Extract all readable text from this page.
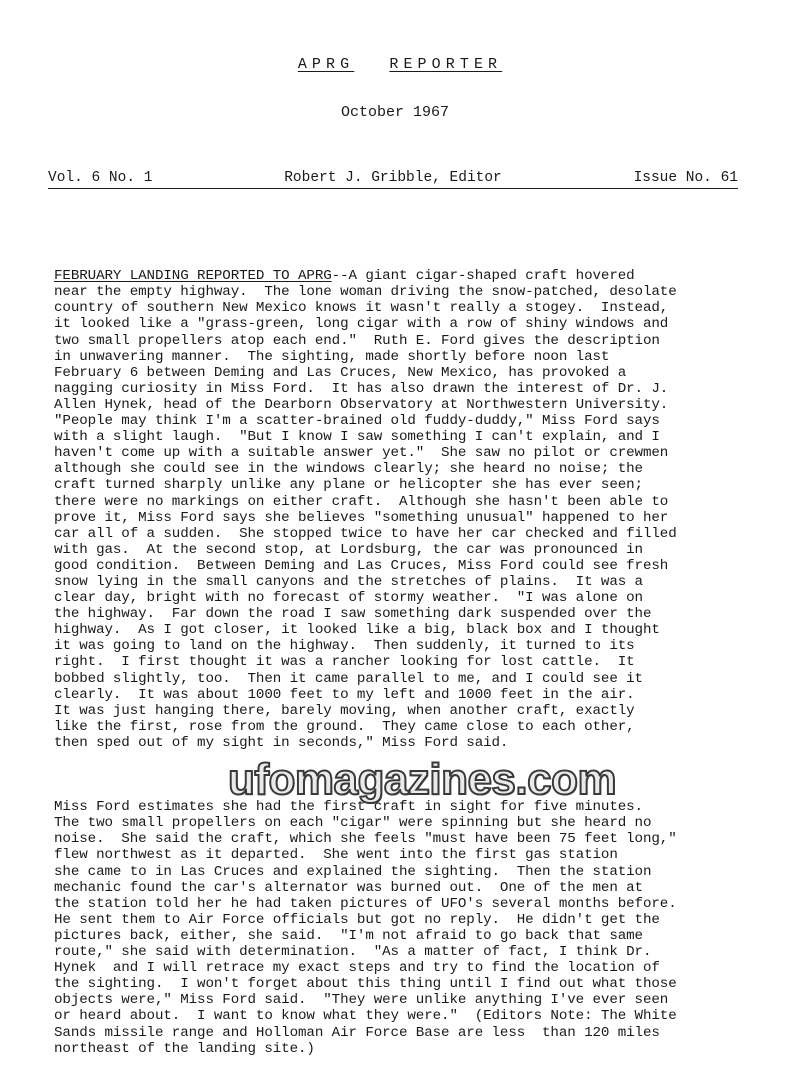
APRG REPORTER
October 1967
Vol. 6 No. 1	Robert J. Gribble, Editor	Issue No. 61

FEBRUARY LANDING REPORTED TO APRG--A giant cigar-shaped craft hovered
near the empty highway.  The lone woman driving the snow-patched, desolate
country of southern New Mexico knows it wasn't really a stogey.  Instead,
it looked like a "grass-green, long cigar with a row of shiny windows and
two small propellers atop each end."  Ruth E. Ford gives the description
in unwavering manner.  The sighting, made shortly before noon last
February 6 between Deming and Las Cruces, New Mexico, has provoked a
nagging curiosity in Miss Ford.  It has also drawn the interest of Dr. J.
Allen Hynek, head of the Dearborn Observatory at Northwestern University.
"People may think I'm a scatter-brained old fuddy-duddy," Miss Ford says
with a slight laugh.  "But I know I saw something I can't explain, and I
haven't come up with a suitable answer yet."  She saw no pilot or crewmen
although she could see in the windows clearly; she heard no noise; the
craft turned sharply unlike any plane or helicopter she has ever seen;
there were no markings on either craft.  Although she hasn't been able to
prove it, Miss Ford says she believes "something unusual" happened to her
car all of a sudden.  She stopped twice to have her car checked and filled
with gas.  At the second stop, at Lordsburg, the car was pronounced in
good condition.  Between Deming and Las Cruces, Miss Ford could see fresh
snow lying in the small canyons and the stretches of plains.  It was a
clear day, bright with no forecast of stormy weather.  "I was alone on
the highway.  Far down the road I saw something dark suspended over the
highway.  As I got closer, it looked like a big, black box and I thought
it was going to land on the highway.  Then suddenly, it turned to its
right.  I first thought it was a rancher looking for lost cattle.  It
bobbed slightly, too.  Then it came parallel to me, and I could see it
clearly.  It was about 1000 feet to my left and 1000 feet in the air.
It was just hanging there, barely moving, when another craft, exactly
like the first, rose from the ground.  They came close to each other,
then sped out of my sight in seconds," Miss Ford said.

Miss Ford estimates she had the first craft in sight for five minutes.
The two small propellers on each "cigar" were spinning but she heard no
noise.  She said the craft, which she feels "must have been 75 feet long,"
flew northwest as it departed.  She went into the first gas station
she came to in Las Cruces and explained the sighting.  Then the station
mechanic found the car's alternator was burned out.  One of the men at
the station told her he had taken pictures of UFO's several months before.
He sent them to Air Force officials but got no reply.  He didn't get the
pictures back, either, she said.  "I'm not afraid to go back that same
route," she said with determination.  "As a matter of fact, I think Dr.
Hynek  and I will retrace my exact steps and try to find the location of
the sighting.  I won't forget about this thing until I find out what those
objects were," Miss Ford said.  "They were unlike anything I've ever seen
or heard about.  I want to know what they were."  (Editors Note: The White
Sands missile range and Holloman Air Force Base are less  than 120 miles
northeast of the landing site.)

ufomagazines.com
